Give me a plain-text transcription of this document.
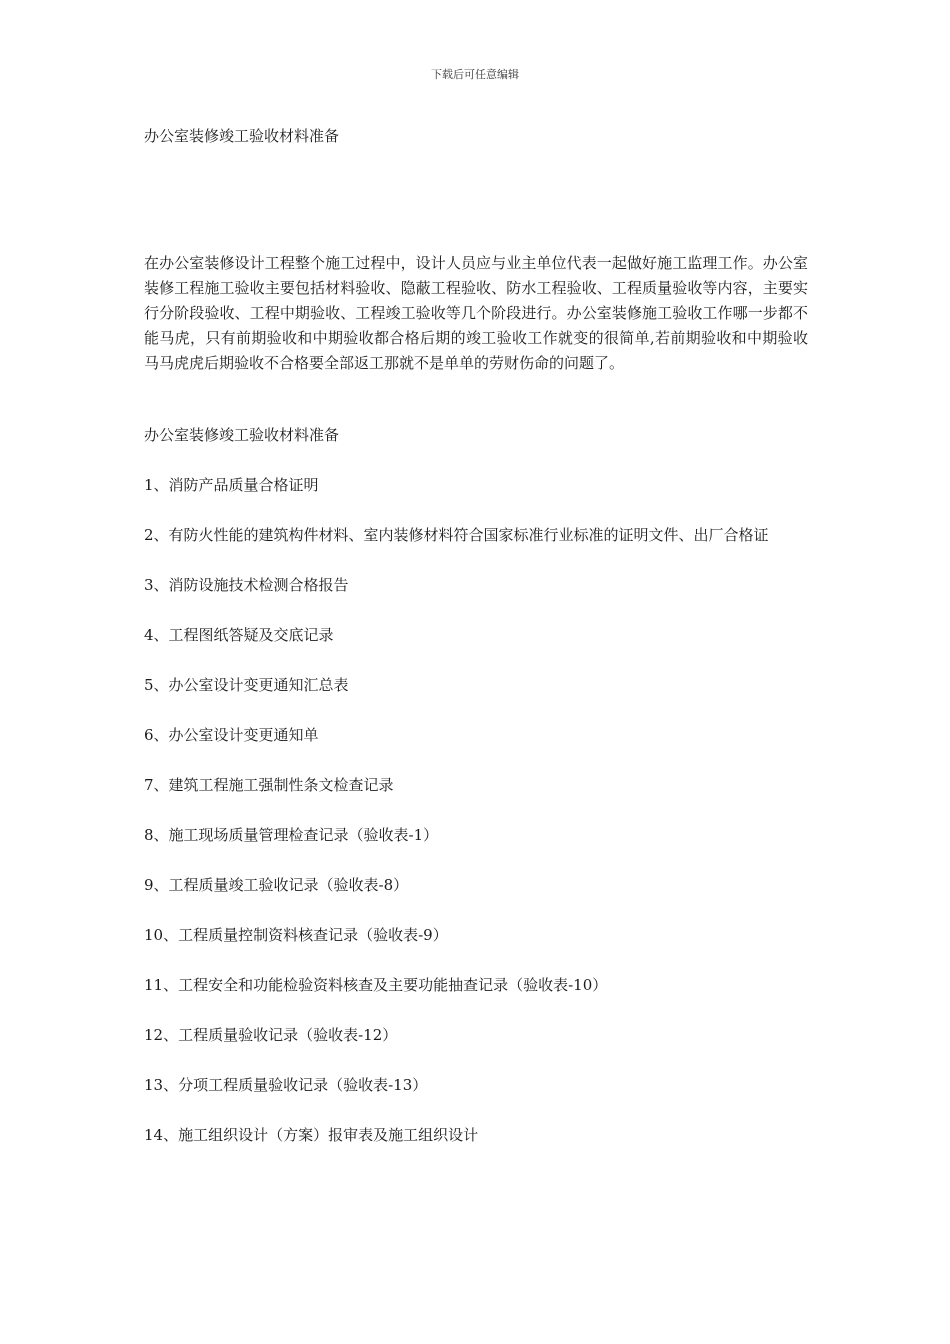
下载后可任意编辑

办公室装修竣工验收材料准备

在办公室装修设计工程整个施工过程中，设计人员应与业主单位代表一起做好施工监理工作。办公室装修工程施工验收主要包括材料验收、隐蔽工程验收、防水工程验收、工程质量验收等内容，主要实行分阶段验收、工程中期验收、工程竣工验收等几个阶段进行。办公室装修施工验收工作哪一步都不能马虎，只有前期验收和中期验收都合格后期的竣工验收工作就变的很简单,若前期验收和中期验收马马虎虎后期验收不合格要全部返工那就不是单单的劳财伤命的问题了。

办公室装修竣工验收材料准备

1、消防产品质量合格证明

2、有防火性能的建筑构件材料、室内装修材料符合国家标准行业标准的证明文件、出厂合格证

3、消防设施技术检测合格报告

4、工程图纸答疑及交底记录

5、办公室设计变更通知汇总表

6、办公室设计变更通知单

7、建筑工程施工强制性条文检查记录

8、施工现场质量管理检查记录（验收表-1）

9、工程质量竣工验收记录（验收表-8）

10、工程质量控制资料核查记录（验收表-9）

11、工程安全和功能检验资料核查及主要功能抽查记录（验收表-10）

12、工程质量验收记录（验收表-12）

13、分项工程质量验收记录（验收表-13）

14、施工组织设计（方案）报审表及施工组织设计
